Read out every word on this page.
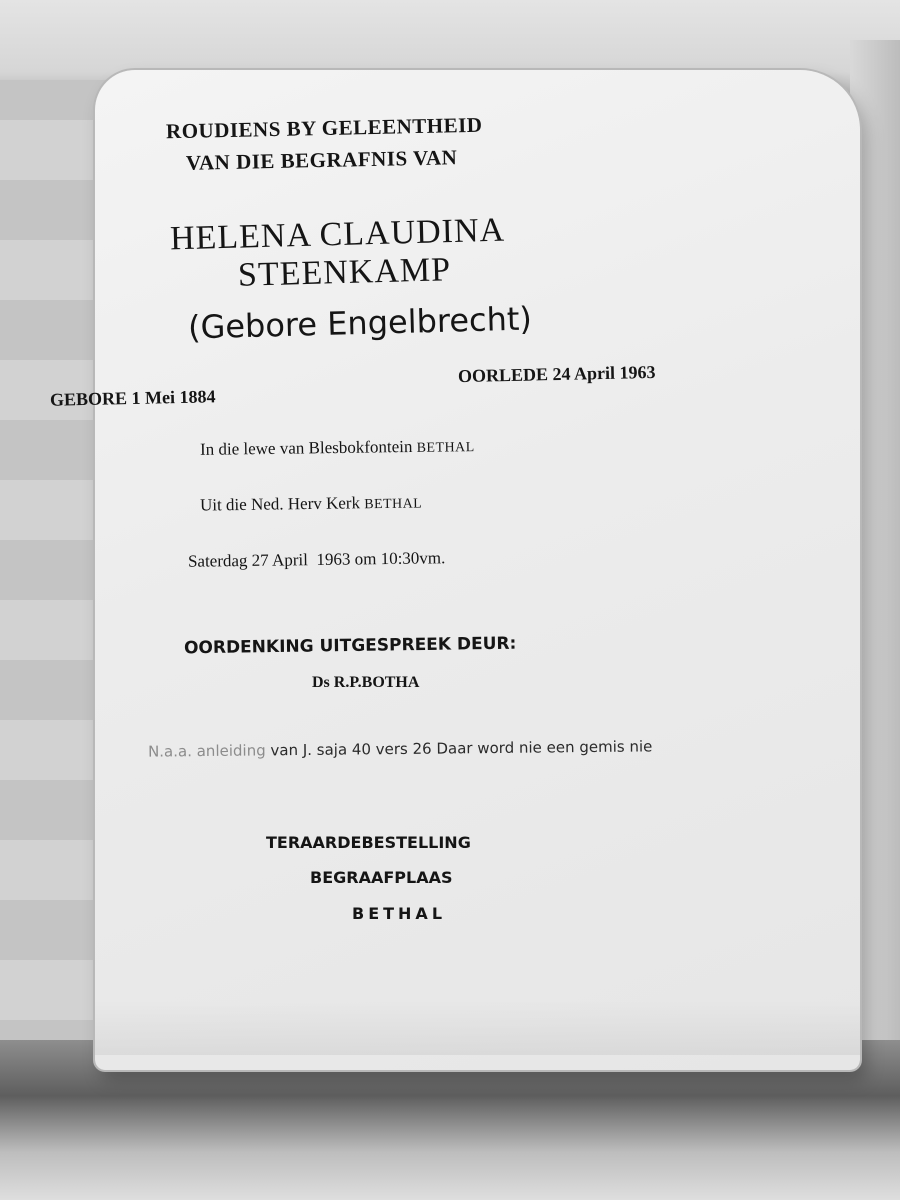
ROUDIENS BY GELEENTHEID
VAN DIE BEGRAFNIS VAN
HELENA CLAUDINA
STEENKAMP
(Gebore Engelbrecht)
OORLEDE 24 April 1963
GEBORE 1 Mei 1884
In die lewe van Blesbokfontein BETHAL
Uit die Ned. Herv Kerk BETHAL
Saterdag 27 April 1963 om 10:30vm.
OORDENKING UITGESPREEK DEUR:
Ds R.P.BOTHA
N.a.a. anleiding van J. saja 40 vers 26 Daar word nie een gemis nie
TERAARDEBESTELLING
BEGRAAFPLAAS
BETHAL
